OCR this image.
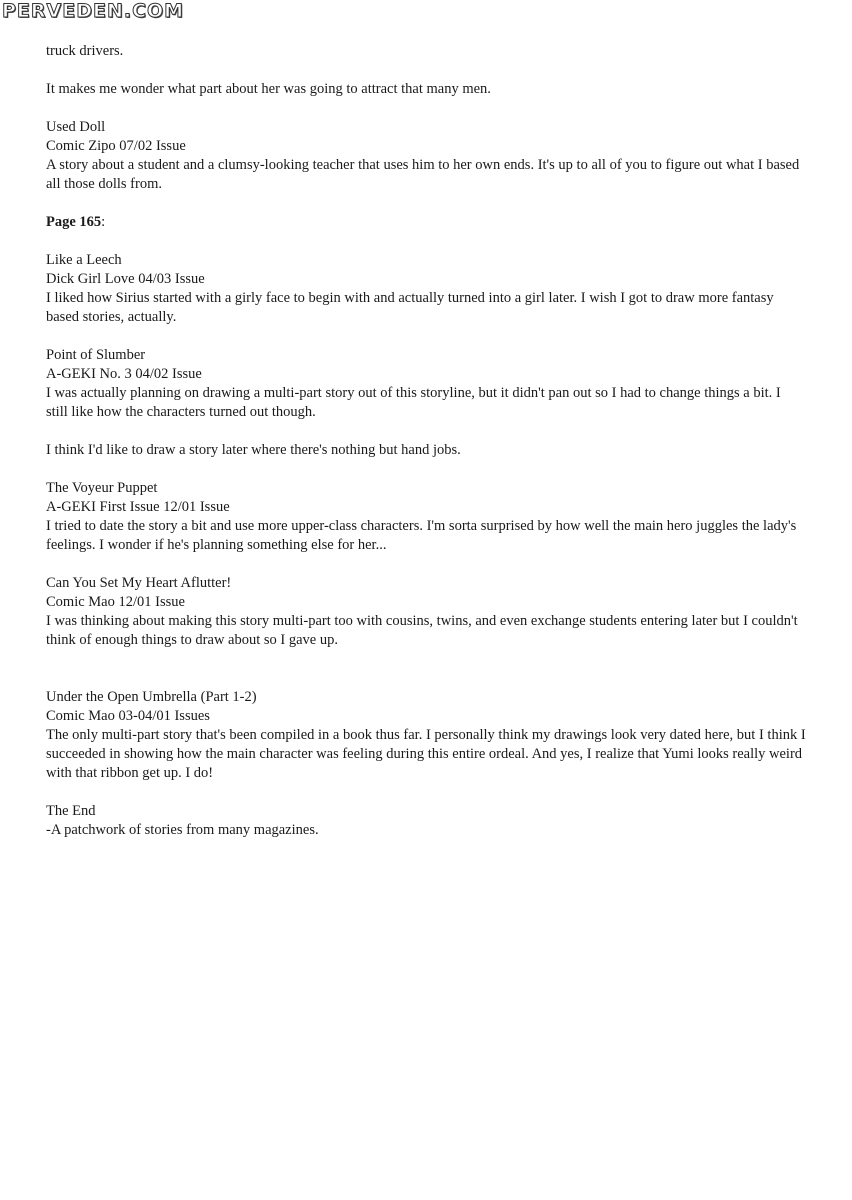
PERVEDEN.COM
truck drivers.
It makes me wonder what part about her was going to attract that many men.
Used Doll
Comic Zipo 07/02 Issue
A story about a student and a clumsy-looking teacher that uses him to her own ends. It's up to all of you to figure out what I based all those dolls from.
Page 165:
Like a Leech
Dick Girl Love 04/03 Issue
I liked how Sirius started with a girly face to begin with and actually turned into a girl later. I wish I got to draw more fantasy based stories, actually.
Point of Slumber
A-GEKI No. 3 04/02 Issue
I was actually planning on drawing a multi-part story out of this storyline, but it didn't pan out so I had to change things a bit. I still like how the characters turned out though.
I think I'd like to draw a story later where there's nothing but hand jobs.
The Voyeur Puppet
A-GEKI First Issue 12/01 Issue
I tried to date the story a bit and use more upper-class characters. I'm sorta surprised by how well the main hero juggles the lady's feelings. I wonder if he's planning something else for her...
Can You Set My Heart Aflutter!
Comic Mao 12/01 Issue
I was thinking about making this story multi-part too with cousins, twins, and even exchange students entering later but I couldn't think of enough things to draw about so I gave up.
Under the Open Umbrella (Part 1-2)
Comic Mao 03-04/01 Issues
The only multi-part story that's been compiled in a book thus far. I personally think my drawings look very dated here, but I think I succeeded in showing how the main character was feeling during this entire ordeal. And yes, I realize that Yumi looks really weird with that ribbon get up. I do!
The End
-A patchwork of stories from many magazines.
